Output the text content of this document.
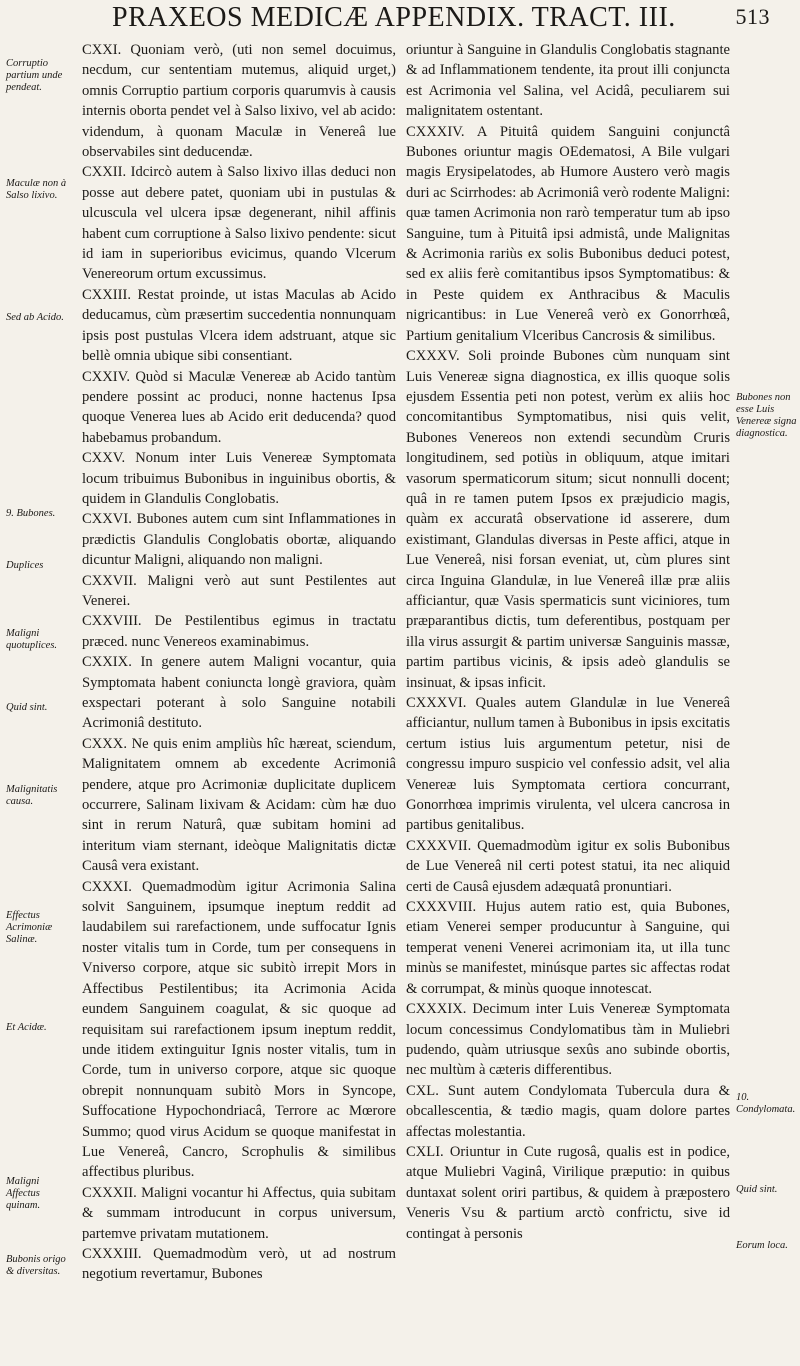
PRAXEOS MEDICÆ APPENDIX. TRACT. III.	513
Corruptio partium unde pendeat.
Maculæ non à Salso lixivo.
Sed ab Acido.
9. Bubones.
Duplices
Maligni quotuplices.
Quid sint.
Malignitatis causa.
Effectus Acrimoniæ Salinæ.
Et Acidæ.
Maligni Affectus quinam.
Bubonis origo & diversitas.

CXXI. Quoniam verò, (uti non semel docuimus, necdum, cur sententiam mutemus, aliquid urget,) omnis Corruptio partium corporis quarumvis à causis internis oborta pendet vel à Salso lixivo, vel ab acido: videndum, à quonam Maculæ in Venereâ lue observabiles sint deducendæ.

CXXII. Idcircò autem à Salso lixivo illas deduci non posse aut debere patet, quoniam ubi in pustulas & ulcuscula vel ulcera ipsæ degenerant, nihil affinis habent cum corruptione à Salso lixivo pendente: sicut id iam in superioribus evicimus, quando Vlcerum Venereorum ortum excussimus.

CXXIII. Restat proinde, ut istas Maculas ab Acido deducamus, cùm præsertim succedentia nonnunquam ipsis post pustulas Vlcera idem adstruant, atque sic bellè omnia ubique sibi consentiant.

CXXIV. Quòd si Maculæ Venereæ ab Acido tantùm pendere possint ac produci, nonne hactenus Ipsa quoque Venerea lues ab Acido erit deducenda? quod habebamus probandum.

CXXV. Nonum inter Luis Venereæ Symptomata locum tribuimus Bubonibus in inguinibus obortis, & quidem in Glandulis Conglobatis.

CXXVI. Bubones autem cum sint Inflammationes in prædictis Glandulis Conglobatis obortæ, aliquando dicuntur Maligni, aliquando non maligni.

CXXVII. Maligni verò aut sunt Pestilentes aut Venerei.

CXXVIII. De Pestilentibus egimus in tractatu præced. nunc Venereos examinabimus.

CXXIX. In genere autem Maligni vocantur, quia Symptomata habent coniuncta longè graviora, quàm exspectari poterant à solo Sanguine notabili Acrimoniâ destituto.

CXXX. Ne quis enim ampliùs hîc hæreat, sciendum, Malignitatem omnem ab excedente Acrimoniâ pendere, atque pro Acrimoniæ duplicitate duplicem occurrere, Salinam lixivam & Acidam: cùm hæ duo sint in rerum Naturâ, quæ subitam homini ad interitum viam sternant, ideòque Malignitatis dictæ Causâ vera existant.

CXXXI. Quemadmodùm igitur Acrimonia Salina solvit Sanguinem, ipsumque ineptum reddit ad laudabilem sui rarefactionem, unde suffocatur Ignis noster vitalis tum in Corde, tum per consequens in Vniverso corpore, atque sic subitò irrepit Mors in Affectibus Pestilentibus; ita Acrimonia Acida eundem Sanguinem coagulat, & sic quoque ad requisitam sui rarefactionem ipsum ineptum reddit, unde itidem extinguitur Ignis noster vitalis, tum in Corde, tum in universo corpore, atque sic quoque obrepit nonnunquam subitò Mors in Syncope, Suffocatione Hypochondriacâ, Terrore ac Mœrore Summo; quod virus Acidum se quoque manifestat in Lue Venereâ, Cancro, Scrophulis & similibus affectibus pluribus.

CXXXII. Maligni vocantur hi Affectus, quia subitam & summam introducunt in corpus universum, partemve privatam mutationem.

CXXXIII. Quemadmodùm verò, ut ad nostrum negotium revertamur, Bubones

oriuntur à Sanguine in Glandulis Conglobatis stagnante & ad Inflammationem tendente, ita prout illi conjuncta est Acrimonia vel Salina, vel Acidâ, peculiarem sui malignitatem ostentant.

CXXXIV. A Pituitâ quidem Sanguini conjunctâ Bubones oriuntur magis OEdematosi, A Bile vulgari magis Erysipelatodes, ab Humore Austero verò magis duri ac Scirrhodes: ab Acrimoniâ verò rodente Maligni: quæ tamen Acrimonia non rarò temperatur tum ab ipso Sanguine, tum à Pituitâ ipsi admistâ, unde Malignitas & Acrimonia rariùs ex solis Bubonibus deduci potest, sed ex aliis ferè comitantibus ipsos Symptomatibus: & in Peste quidem ex Anthracibus & Maculis nigricantibus: in Lue Venereâ verò ex Gonorrhœâ, Partium genitalium Vlceribus Cancrosis & similibus.

CXXXV. Soli proinde Bubones cùm nunquam sint Luis Venereæ signa diagnostica, ex illis quoque solis ejusdem Essentia peti non potest, verùm ex aliis hoc concomitantibus Symptomatibus, nisi quis velit, Bubones Venereos non extendi secundùm Cruris longitudinem, sed potiùs in obliquum, atque imitari vasorum spermaticorum situm; sicut nonnulli docent; quâ in re tamen putem Ipsos ex præjudicio magis, quàm ex accuratâ observatione id asserere, dum existimant, Glandulas diversas in Peste affici, atque in Lue Venereâ, nisi forsan eveniat, ut, cùm plures sint circa Inguina Glandulæ, in lue Venereâ illæ præ aliis afficiantur, quæ Vasis spermaticis sunt viciniores, tum præparantibus dictis, tum deferentibus, postquam per illa virus assurgit & partim universæ Sanguinis massæ, partim partibus vicinis, & ipsis adeò glandulis se insinuat, & ipsas inficit.

CXXXVI. Quales autem Glandulæ in lue Venereâ afficiantur, nullum tamen à Bubonibus in ipsis excitatis certum istius luis argumentum petetur, nisi de congressu impuro suspicio vel confessio adsit, vel alia Venereæ luis Symptomata certiora concurrant, Gonorrhœa imprimis virulenta, vel ulcera cancrosa in partibus genitalibus.

CXXXVII. Quemadmodùm igitur ex solis Bubonibus de Lue Venereâ nil certi potest statui, ita nec aliquid certi de Causâ ejusdem adæquatâ pronuntiari.

CXXXVIII. Hujus autem ratio est, quia Bubones, etiam Venerei semper producuntur à Sanguine, qui temperat veneni Venerei acrimoniam ita, ut illa tunc minùs se manifestet, minúsque partes sic affectas rodat & corrumpat, & minùs quoque innotescat.

CXXXIX. Decimum inter Luis Venereæ Symptomata locum concessimus Condylomatibus tàm in Muliebri pudendo, quàm utriusque sexûs ano subinde obortis, nec multùm à cæteris differentibus.

CXL. Sunt autem Condylomata Tubercula dura & obcallescentia, & tædio magis, quam dolore partes affectas molestantia.

CXLI. Oriuntur in Cute rugosâ, qualis est in podice, atque Muliebri Vaginâ, Virilique præputio: in quibus duntaxat solent oriri partibus, & quidem à præpostero Veneris Vsu & partium arctò confrictu, sive id contingat à personis

Bubones non esse Luis Venereæ signa diagnostica.
10. Condylomata.
Quid sint.
Eorum loca.
